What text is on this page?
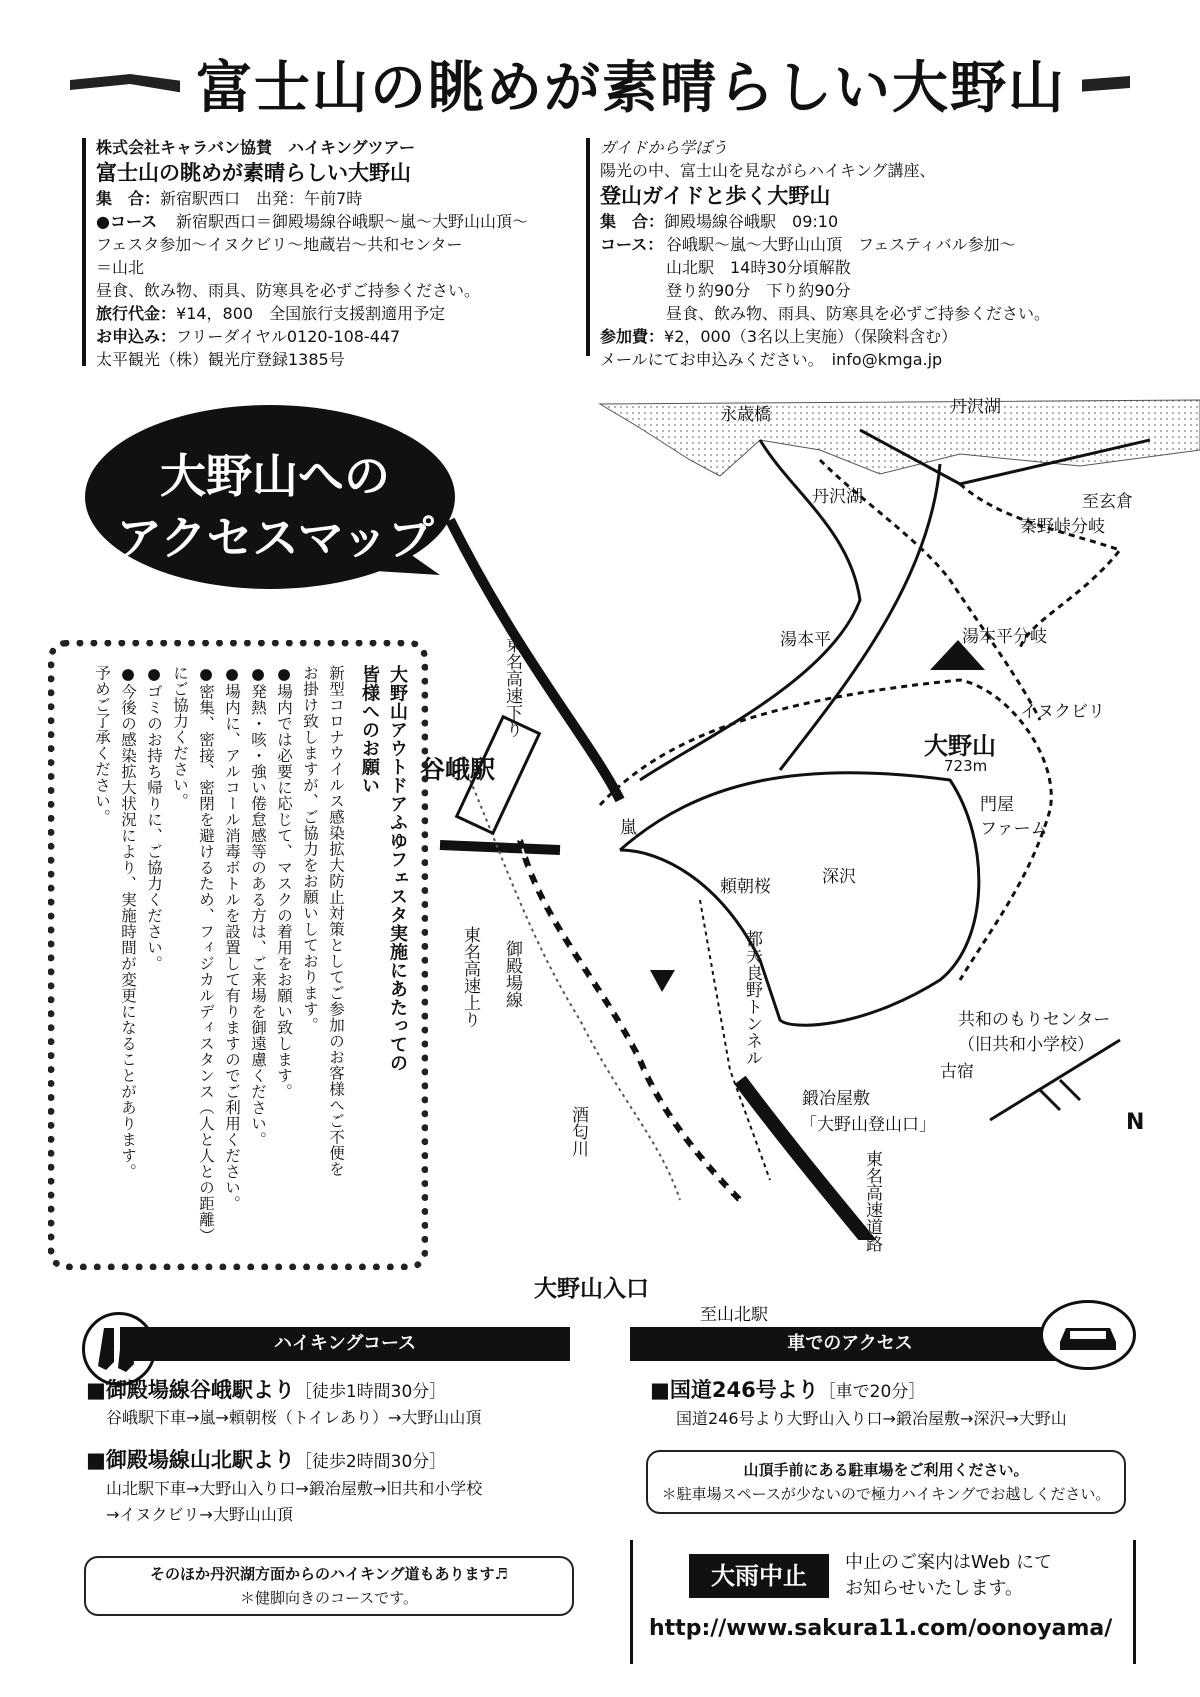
富士山の眺めが素晴らしい大野山
株式会社キャラバン協賛　ハイキングツアー
富士山の眺めが素晴らしい大野山
集　合：新宿駅西口　出発：午前7時
●コース	新宿駅西口＝御殿場線谷峨駅～嵐～大野山山頂～
フェスタ参加～イヌクビリ～地蔵岩～共和センター
＝山北
昼食、飲み物、雨具、防寒具を必ずご持参ください。
旅行代金：¥14，800　全国旅行支援割適用予定
お申込み：フリーダイヤル0120-108-447
太平観光（株）観光庁登録1385号
ガイドから学ぼう
陽光の中、富士山を見ながらハイキング講座、
登山ガイドと歩く大野山
集　合：御殿場線谷峨駅　09:10
コース： 谷峨駅～嵐～大野山山頂　フェスティバル参加～
山北駅　14時30分頃解散
登り約90分　下り約90分
昼食、飲み物、雨具、防寒具を必ずご持参ください。
参加費：¥2，000（3名以上実施）（保険料含む）
メールにてお申込みください。　info@kmga.jp
大野山への
アクセスマップ
永歳橋	丹沢湖
丹沢湖	至玄倉
秦野峠分岐
湯本平	湯本平分岐
イヌクビリ
大野山
723m
門屋
ファーム
谷峨駅
嵐
頼朝桜	深沢
都夫良野トンネル
東名高速下り
東名高速上り 御殿場線
共和のもりセンター
（旧共和小学校）
古宿
鍛冶屋敷
「大野山登山口」
246
酒匂川
東名高速道路
大野山入口
至山北駅
N
大野山アウトドアふゆフェスタ実施にあたっての
皆様へのお願い
新型コロナウイルス感染拡大防止対策としてご参加のお客様へご不便を
お掛け致しますが、ご協力をお願いしております。
●場内では必要に応じて、マスクの着用をお願い致します。
●発熱・咳・強い倦怠感等のある方は、ご来場を御遠慮ください。
●場内に、アルコール消毒ボトルを設置して有りますのでご利用ください。
●密集、密接、密閉を避けるため、フィジカルディスタンス（人と人との距離）
にご協力ください。
●ゴミのお持ち帰りに、ご協力ください。
●今後の感染拡大状況により、実施時間が変更になることがあります。
予めご了承ください。
ハイキングコース
■御殿場線谷峨駅より［徒歩1時間30分］
谷峨駅下車→嵐→頼朝桜（トイレあり）→大野山山頂
■御殿場線山北駅より［徒歩2時間30分］
山北駅下車→大野山入り口→鍛冶屋敷→旧共和小学校
→イヌクビリ→大野山山頂
そのほか丹沢湖方面からのハイキング道もあります♬
＊健脚向きのコースです。
車でのアクセス
■国道246号より［車で20分］
国道246号より大野山入り口→鍛冶屋敷→深沢→大野山
山頂手前にある駐車場をご利用ください。
＊駐車場スペースが少ないので極力ハイキングでお越しください。
大雨中止	中止のご案内はWeb にて
お知らせいたします。
http://www.sakura11.com/oonoyama/
